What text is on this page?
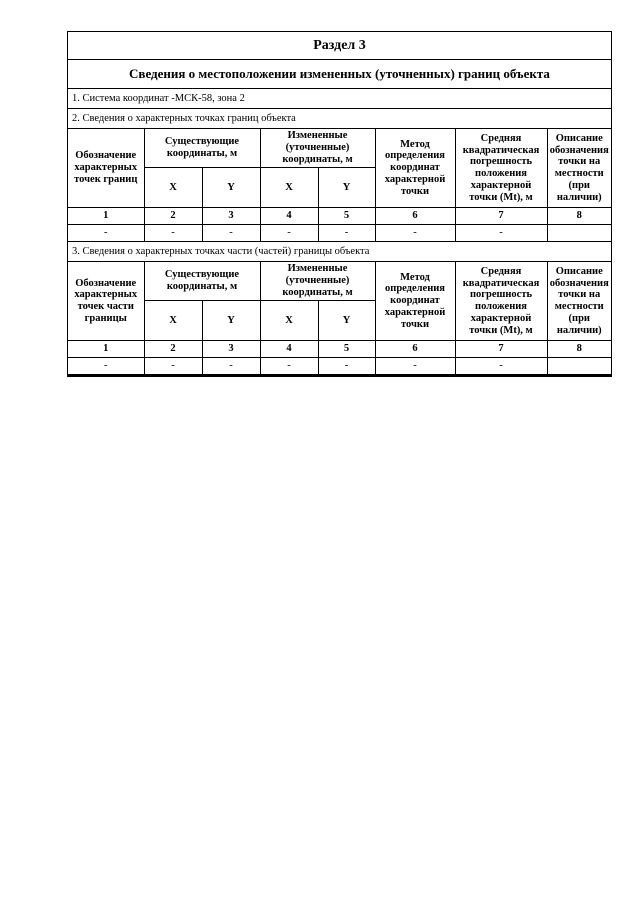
Раздел 3
Сведения о местоположении измененных (уточненных) границ объекта
1. Система координат -МСК-58, зона 2
2. Сведения о характерных точках границ объекта
Обозначение характерных точек границ	Существующие координаты, м		Измененные (уточненные) координаты, м		Метод определения координат характерной точки	Средняя квадратическая погрешность положения характерной точки (Mt), м	Описание обозначения точки на местности (при наличии)
	X	Y	X	Y			
1	2	3	4	5	6	7	8
-	-	-	-	-	-	-	
3. Сведения о характерных точках части (частей) границы объекта
Обозначение характерных точек части границы	Существующие координаты, м		Измененные (уточненные) координаты, м		Метод определения координат характерной точки	Средняя квадратическая погрешность положения характерной точки (Mt), м	Описание обозначения точки на местности (при наличии)
	X	Y	X	Y			
1	2	3	4	5	6	7	8
-	-	-	-	-	-	-	
